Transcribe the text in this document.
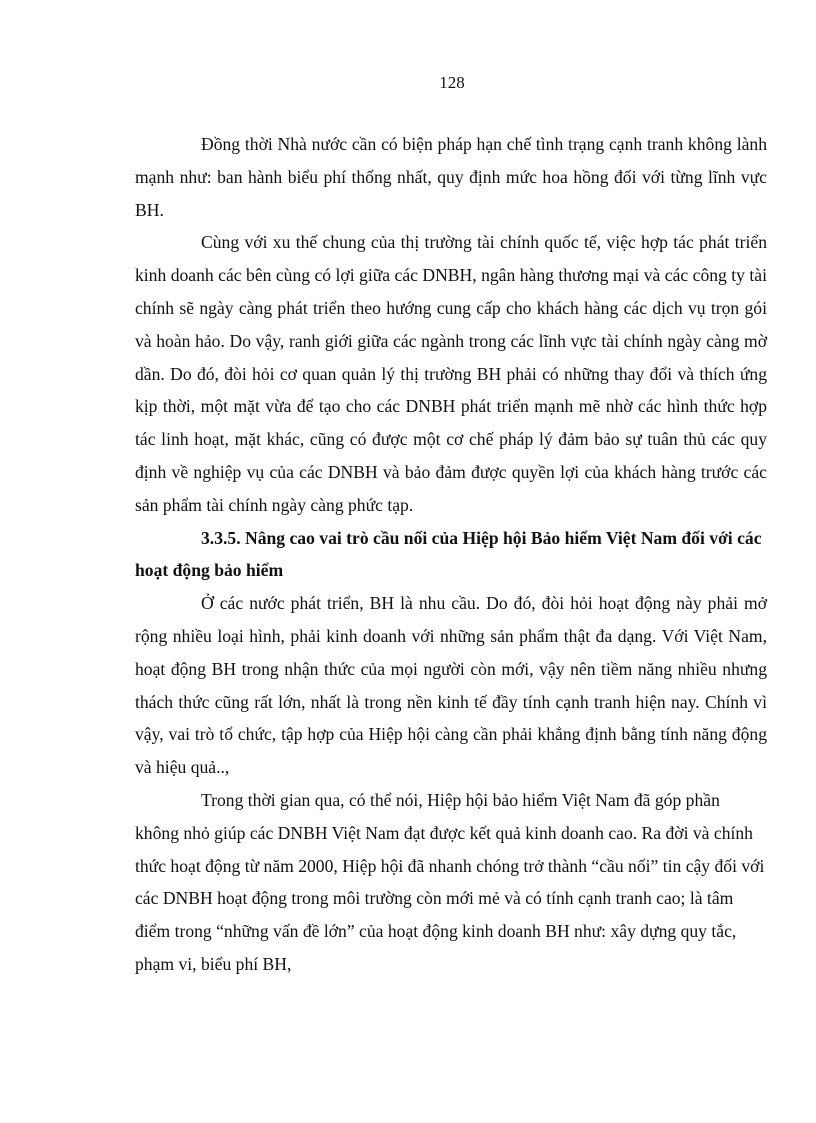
128

Đồng thời Nhà nước cần có biện pháp hạn chế tình trạng cạnh tranh không lành mạnh như: ban hành biểu phí thống nhất, quy định mức hoa hồng đối với từng lĩnh vực BH.

Cùng với xu thế chung của thị trường tài chính quốc tế, việc hợp tác phát triển kinh doanh các bên cùng có lợi giữa các DNBH, ngân hàng thương mại và các công ty tài chính sẽ ngày càng phát triển theo hướng cung cấp cho khách hàng các dịch vụ trọn gói và hoàn hảo. Do vậy, ranh giới giữa các ngành trong các lĩnh vực tài chính ngày càng mờ dần. Do đó, đòi hỏi cơ quan quản lý thị trường BH phải có những thay đổi và thích ứng kịp thời, một mặt vừa để tạo cho các DNBH phát triển mạnh mẽ nhờ các hình thức hợp tác linh hoạt, mặt khác, cũng có được một cơ chế pháp lý đảm bảo sự tuân thủ các quy định về nghiệp vụ của các DNBH và bảo đảm được quyền lợi của khách hàng trước các sản phẩm tài chính ngày càng phức tạp.

3.3.5. Nâng cao vai trò cầu nối của Hiệp hội Bảo hiểm Việt Nam đối với các hoạt động bảo hiểm

Ở các nước phát triển, BH là nhu cầu. Do đó, đòi hỏi hoạt động này phải mở rộng nhiều loại hình, phải kinh doanh với những sản phẩm thật đa dạng. Với Việt Nam, hoạt động BH trong nhận thức của mọi người còn mới, vậy nên tiềm năng nhiều nhưng thách thức cũng rất lớn, nhất là trong nền kinh tế đầy tính cạnh tranh hiện nay. Chính vì vậy, vai trò tổ chức, tập hợp của Hiệp hội càng cần phải khẳng định bằng tính năng động và hiệu quả..,

Trong thời gian qua, có thể nói, Hiệp hội bảo hiểm Việt Nam đã góp phần không nhỏ giúp các DNBH Việt Nam đạt được kết quả kinh doanh cao. Ra đời và chính thức hoạt động từ năm 2000, Hiệp hội đã nhanh chóng trở thành “cầu nối” tin cậy đối với các DNBH hoạt động trong môi trường còn mới mẻ và có tính cạnh tranh cao; là tâm điểm trong “những vấn đề lớn” của hoạt động kinh doanh BH như: xây dựng quy tắc, phạm vi, biểu phí BH,
